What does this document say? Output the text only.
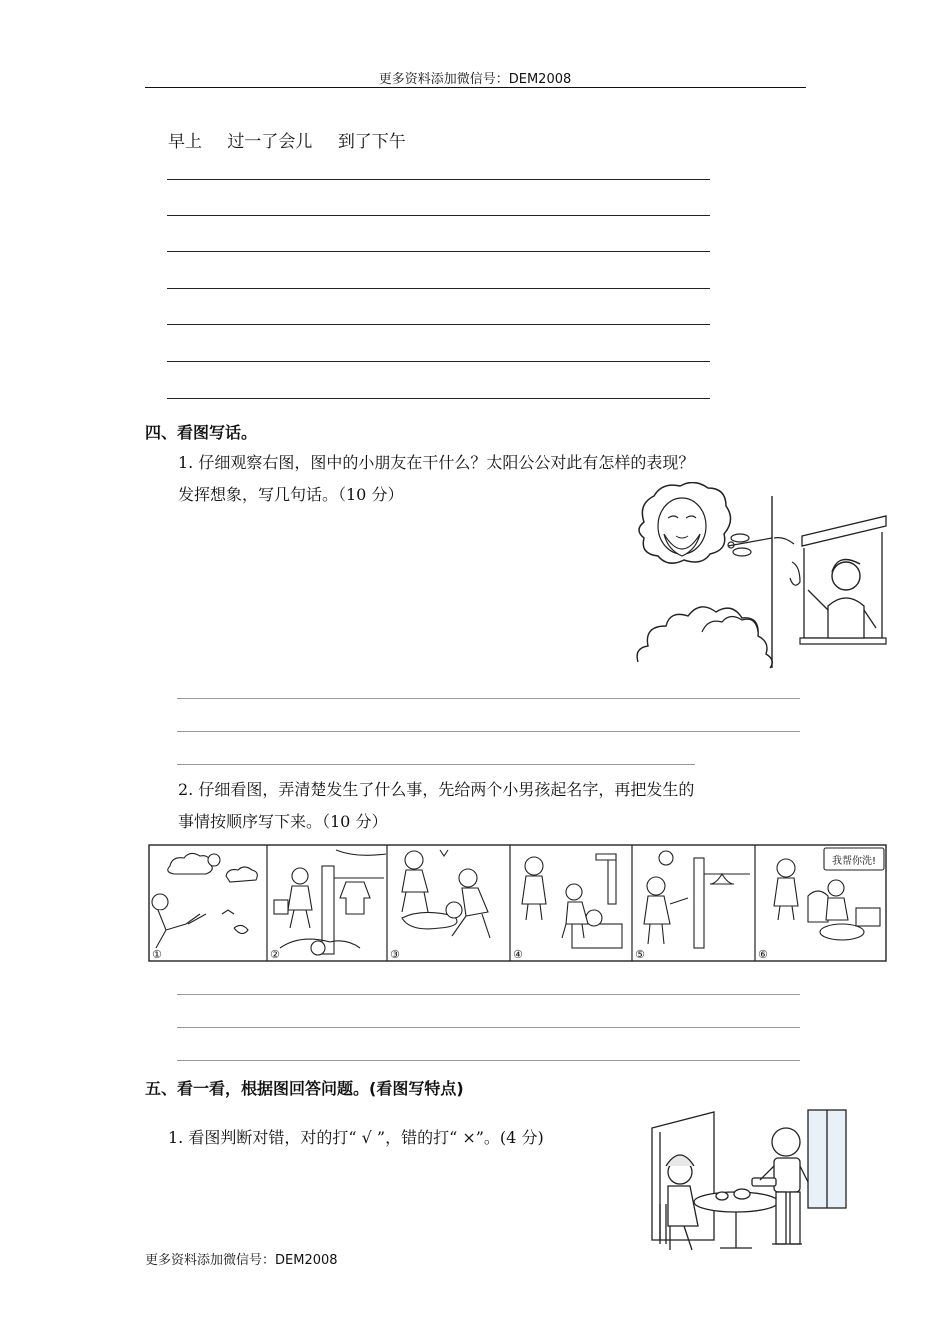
更多资料添加微信号：DEM2008
早上 过一了会儿 到了下午
四、看图写话。
1. 仔细观察右图，图中的小朋友在干什么？太阳公公对此有怎样的表现？
发挥想象，写几句话。（10 分）
2. 仔细看图，弄清楚发生了什么事，先给两个小男孩起名字，再把发生的
事情按顺序写下来。（10 分）
我帮你洗!
①	②	③	④	⑤	⑥
五、看一看，根据图回答问题。(看图写特点)
1. 看图判断对错，对的打“ √ ”，错的打“ ×”。(4 分)
更多资料添加微信号：DEM2008
